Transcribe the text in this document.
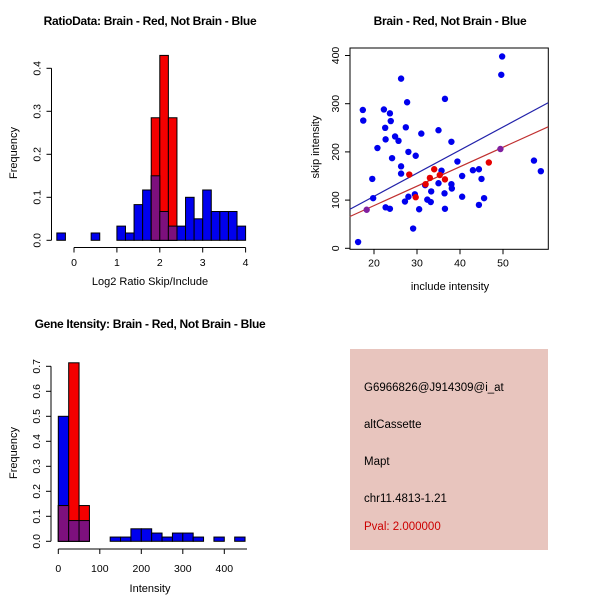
RatioData: Brain - Red, Not Brain - Blue
Frequency
0.0
0.1
0.2
0.3
0.4
0	1	2	3	4
Log2 Ratio Skip/Include
Brain - Red, Not Brain - Blue
skip intensity
20	30	40	50
0
100
200
300
400
include intensity
Gene Itensity: Brain - Red, Not Brain - Blue
Frequency
0.0
0.1
0.2
0.3
0.4
0.5
0.6
0.7
0	100 200 300 400
Intensity
G6966826@J914309@i_at
altCassette
Mapt
chr11.4813-1.21
Pval: 2.000000
